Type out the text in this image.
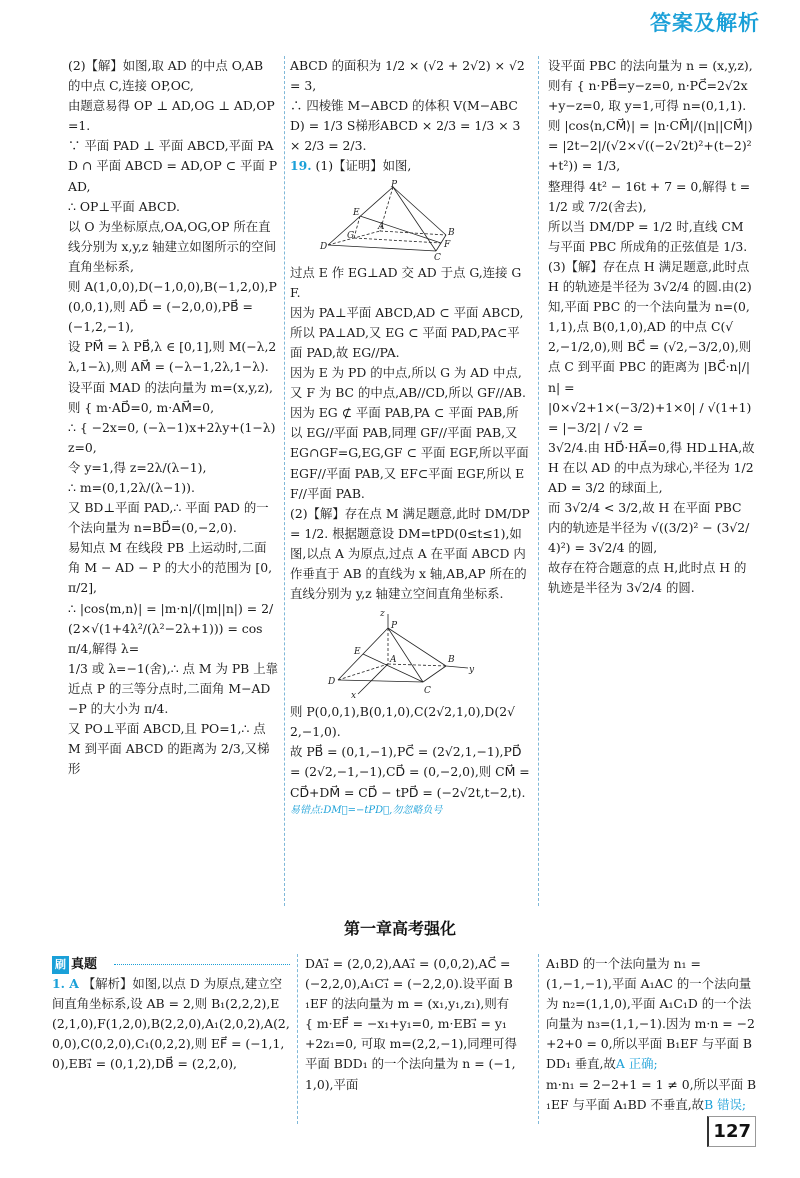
答案及解析

(2)【解】如图,取 AD 的中点 O,AB 的中点 C,连接 OP,OC,

由题意易得 OP ⊥ AD,OG ⊥ AD,OP=1.

∵ 平面 PAD ⊥ 平面 ABCD,平面 PAD ∩ 平面 ABCD = AD,OP ⊂ 平面 PAD,

∴ OP⊥平面 ABCD.

以 O 为坐标原点,OA,OG,OP 所在直线分别为 x,y,z 轴建立如图所示的空间直角坐标系,

则 A(1,0,0),D(−1,0,0),B(−1,2,0),P(0,0,1),则 AD⃗ = (−2,0,0),PB⃗ = (−1,2,−1),

设 PM⃗ = λ PB⃗,λ ∈ [0,1],则 M(−λ,2λ,1−λ),则 AM⃗ = (−λ−1,2λ,1−λ).

设平面 MAD 的法向量为 m=(x,y,z),

则 { m·AD⃗=0, m·AM⃗=0,

∴ { −2x=0, (−λ−1)x+2λy+(1−λ)z=0,

令 y=1,得 z=2λ/(λ−1),

∴ m=(0,1,2λ/(λ−1)).

又 BD⊥平面 PAD,∴ 平面 PAD 的一个法向量为 n=BD⃗=(0,−2,0).

易知点 M 在线段 PB 上运动时,二面角 M − AD − P 的大小的范围为 [0,π/2],

∴ |cos⟨m,n⟩| = |m·n|/(|m||n|) = 2/(2×√(1+4λ²/(λ²−2λ+1))) = cos π/4,解得 λ=

1/3 或 λ=−1(舍),∴ 点 M 为 PB 上靠近点 P 的三等分点时,二面角 M−AD−P 的大小为 π/4.

又 PO⊥平面 ABCD,且 PO=1,∴ 点 M 到平面 ABCD 的距离为 2/3,又梯形

ABCD 的面积为 1/2 × (√2 + 2√2) × √2 = 3,

∴ 四棱锥 M−ABCD 的体积 V(M−ABCD) = 1/3 S梯形ABCD × 2/3 = 1/3 × 3 × 2/3 = 2/3.

19. (1)【证明】如图,

P
E
G
A
D
B
F
C

过点 E 作 EG⊥AD 交 AD 于点 G,连接 GF.

因为 PA⊥平面 ABCD,AD ⊂ 平面 ABCD,所以 PA⊥AD,又 EG ⊂ 平面 PAD,PA⊂平面 PAD,故 EG//PA.

因为 E 为 PD 的中点,所以 G 为 AD 中点,又 F 为 BC 的中点,AB//CD,所以 GF//AB.

因为 EG ⊄ 平面 PAB,PA ⊂ 平面 PAB,所以 EG//平面 PAB,同理 GF//平面 PAB,又 EG∩GF=G,EG,GF ⊂ 平面 EGF,所以平面 EGF//平面 PAB,又 EF⊂平面 EGF,所以 EF//平面 PAB.

(2)【解】存在点 M 满足题意,此时 DM/DP = 1/2. 根据题意设 DM=tPD(0≤t≤1),如图,以点 A 为原点,过点 A 在平面 ABCD 内作垂直于 AB 的直线为 x 轴,AB,AP 所在的直线分别为 y,z 轴建立空间直角坐标系.

z
P
E
A	B
y
D
C
x

则 P(0,0,1),B(0,1,0),C(2√2,1,0),D(2√2,−1,0).

故 PB⃗ = (0,1,−1),PC⃗ = (2√2,1,−1),PD⃗ = (2√2,−1,−1),CD⃗ = (0,−2,0),则 CM⃗ = CD⃗+DM⃗ = CD⃗ − tPD⃗ = (−2√2t,t−2,t).

易错点:DM⃗=−tPD⃗,勿忽略负号

设平面 PBC 的法向量为 n = (x,y,z),则有 { n·PB⃗=y−z=0, n·PC⃗=2√2x+y−z=0, 取 y=1,可得 n=(0,1,1).

则 |cos⟨n,CM⃗⟩| = |n·CM⃗|/(|n||CM⃗|) = |2t−2|/(√2×√((−2√2t)²+(t−2)²+t²)) = 1/3,

整理得 4t² − 16t + 7 = 0,解得 t = 1/2 或 7/2(舍去),

所以当 DM/DP = 1/2 时,直线 CM 与平面 PBC 所成角的正弦值是 1/3.

(3)【解】存在点 H 满足题意,此时点 H 的轨迹是半径为 3√2/4 的圆.由(2)知,平面 PBC 的一个法向量为 n=(0,1,1),点 B(0,1,0),AD 的中点 C(√2,−1/2,0),则 BC⃗ = (√2,−3/2,0),则点 C 到平面 PBC 的距离为 |BC⃗·n|/|n| =

|0×√2+1×(−3/2)+1×0| / √(1+1) = |−3/2| / √2 =

3√2/4.由 HD⃗·HA⃗=0,得 HD⊥HA,故 H 在以 AD 的中点为球心,半径为 1/2 AD = 3/2 的球面上,

而 3√2/4 < 3/2,故 H 在平面 PBC 内的轨迹是半径为 √((3/2)² − (3√2/4)²) = 3√2/4 的圆,

故存在符合题意的点 H,此时点 H 的轨迹是半径为 3√2/4 的圆.

第一章高考强化
刷 真题

1. A 【解析】如图,以点 D 为原点,建立空间直角坐标系,设 AB = 2,则 B₁(2,2,2),E(2,1,0),F(1,2,0),B(2,2,0),A₁(2,0,2),A(2,0,0),C(0,2,0),C₁(0,2,2),则 EF⃗ = (−1,1,0),EB₁⃗ = (0,1,2),DB⃗ = (2,2,0),

DA₁⃗ = (2,0,2),AA₁⃗ = (0,0,2),AC⃗ = (−2,2,0),A₁C₁⃗ = (−2,2,0).设平面 B₁EF 的法向量为 m = (x₁,y₁,z₁),则有 { m·EF⃗ = −x₁+y₁=0, m·EB₁⃗ = y₁+2z₁=0, 可取 m=(2,2,−1),同理可得平面 BDD₁ 的一个法向量为 n = (−1,1,0),平面

A₁BD 的一个法向量为 n₁ = (1,−1,−1),平面 A₁AC 的一个法向量为 n₂=(1,1,0),平面 A₁C₁D 的一个法向量为 n₃=(1,1,−1).因为 m·n = −2+2+0 = 0,所以平面 B₁EF 与平面 BDD₁ 垂直,故A 正确;

m·n₁ = 2−2+1 = 1 ≠ 0,所以平面 B₁EF 与平面 A₁BD 不垂直,故B 错误;

127
